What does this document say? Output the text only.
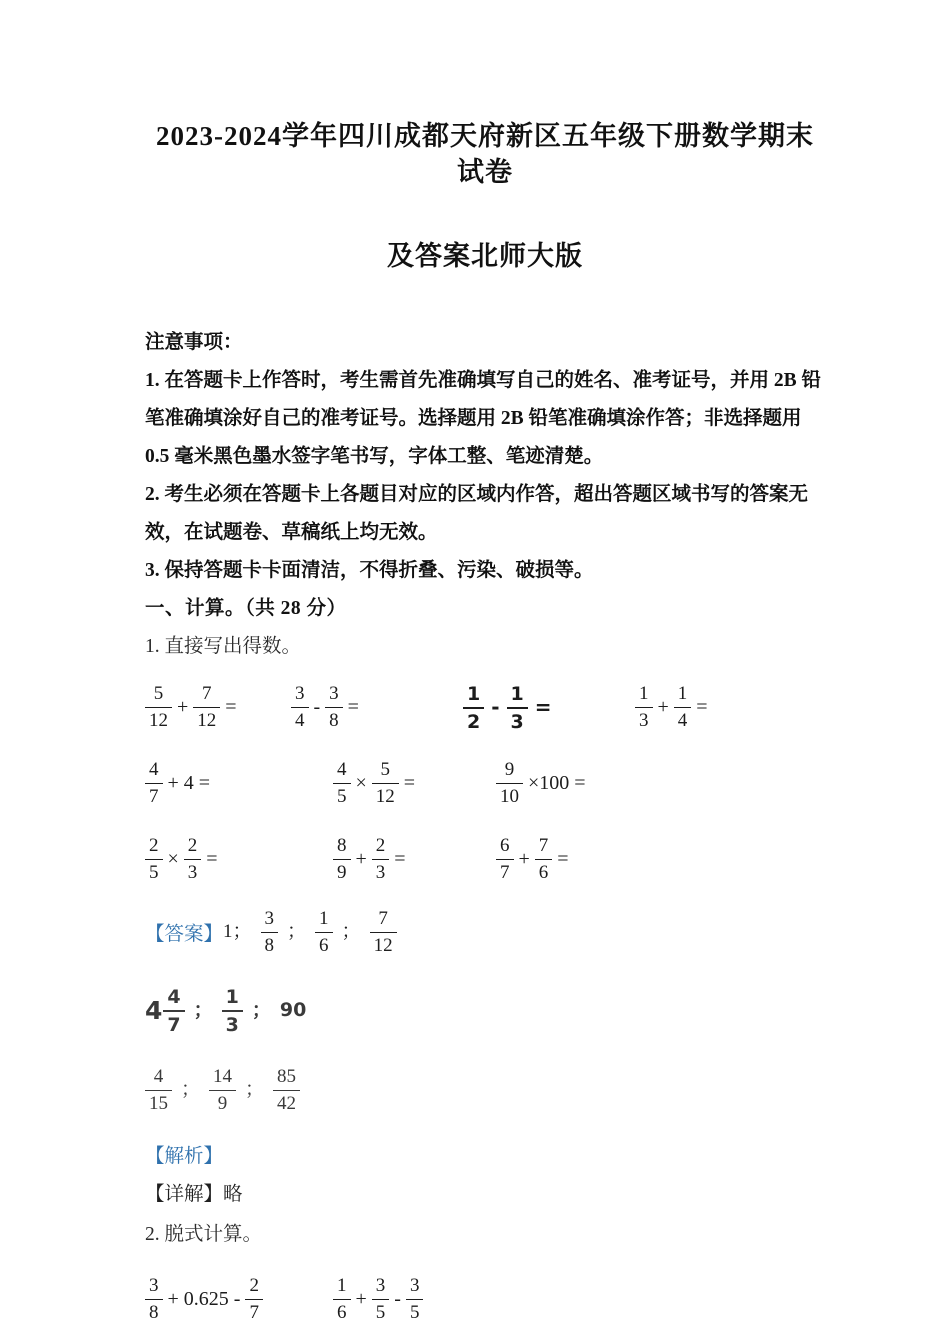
2023-2024学年四川成都天府新区五年级下册数学期末试卷
及答案北师大版

注意事项：

1. 在答题卡上作答时，考生需首先准确填写自己的姓名、准考证号，并用 2B 铅笔准确填涂好自己的准考证号。选择题用 2B 铅笔准确填涂作答；非选择题用 0.5 毫米黑色墨水签字笔书写，字体工整、笔迹清楚。

2. 考生必须在答题卡上各题目对应的区域内作答，超出答题区域书写的答案无效，在试题卷、草稿纸上均无效。

3. 保持答题卡卡面清洁，不得折叠、污染、破损等。

一、计算。（共 28 分）

1. 直接写出得数。

$\frac{5}{12} + \frac{7}{12}$ =	$\frac{3}{4} - \frac{3}{8}$ =	$\frac{1}{2} - \frac{1}{3}$ =	$\frac{1}{3} + \frac{1}{4}$ =
$\frac{4}{7} + 4$ =	$\frac{4}{5} \times \frac{5}{12}$ =	$\frac{9}{10} \times 100$ =
$\frac{2}{5} \times \frac{2}{3}$ =	$\frac{8}{9} + \frac{2}{3}$ =	$\frac{6}{7} + \frac{7}{6}$ =
【答案】 1； $\frac{3}{8}$ ； $\frac{1}{6}$ ； $\frac{7}{12}$
$4 \frac{4}{7}$ ； $\frac{1}{3}$ ； 90
$\frac{4}{15}$ ； $\frac{14}{9}$ ； $\frac{85}{42}$

【解析】

【详解】略

2. 脱式计算。

$\frac{3}{8} + 0.625 - \frac{2}{7}$	$\frac{1}{6} + \frac{3}{5} - \frac{3}{5}$
